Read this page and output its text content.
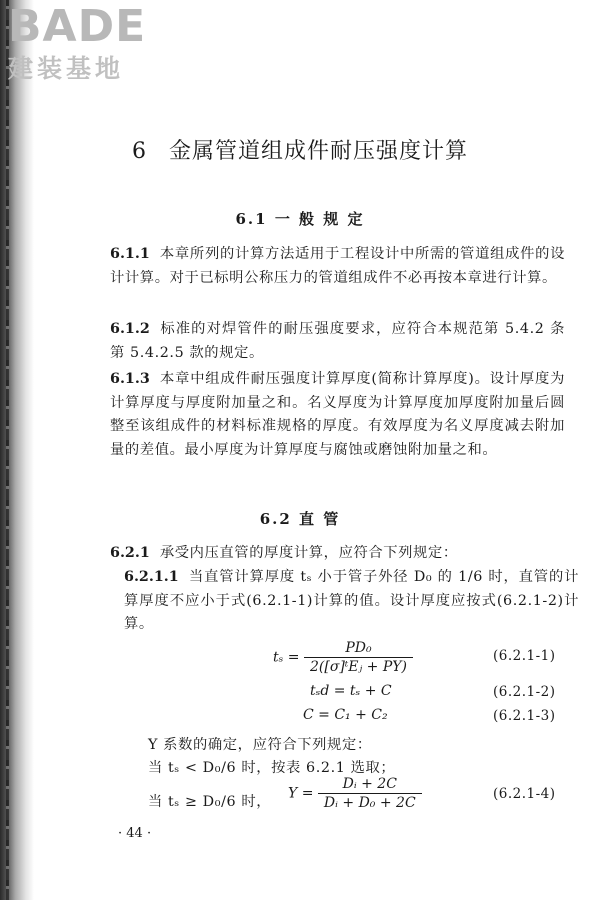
BADE
建装基地
6 金属管道组成件耐压强度计算
6.1 一 般 规 定

6.1.1 本章所列的计算方法适用于工程设计中所需的管道组成件的设计计算。对于已标明公称压力的管道组成件不必再按本章进行计算。

6.1.2 标准的对焊管件的耐压强度要求，应符合本规范第 5.4.2 条第 5.4.2.5 款的规定。

6.1.3 本章中组成件耐压强度计算厚度(简称计算厚度)。设计厚度为计算厚度与厚度附加量之和。名义厚度为计算厚度加厚度附加量后圆整至该组成件的材料标准规格的厚度。有效厚度为名义厚度减去附加量的差值。最小厚度为计算厚度与腐蚀或磨蚀附加量之和。

6.2 直 管

6.2.1 承受内压直管的厚度计算，应符合下列规定：

6.2.1.1 当直管计算厚度 tₛ 小于管子外径 D₀ 的 1/6 时，直管的计算厚度不应小于式(6.2.1-1)计算的值。设计厚度应按式(6.2.1-2)计算。

$t_s = \frac{\text{PD₀}}{\text{2([σ]ᵗEⱼ + PY)}}$	(6.2.1-1)
tₛd = tₛ + C	(6.2.1-2)
C = C₁ + C₂	(6.2.1-3)
Y 系数的确定，应符合下列规定：
当 tₛ < D₀/6 时，按表 6.2.1 选取；
当 tₛ ≥ D₀/6 时，
$Y = \frac{\text{Dᵢ + 2C}}{\text{Dᵢ + D₀ + 2C}}$	(6.2.1-4)
· 44 ·
